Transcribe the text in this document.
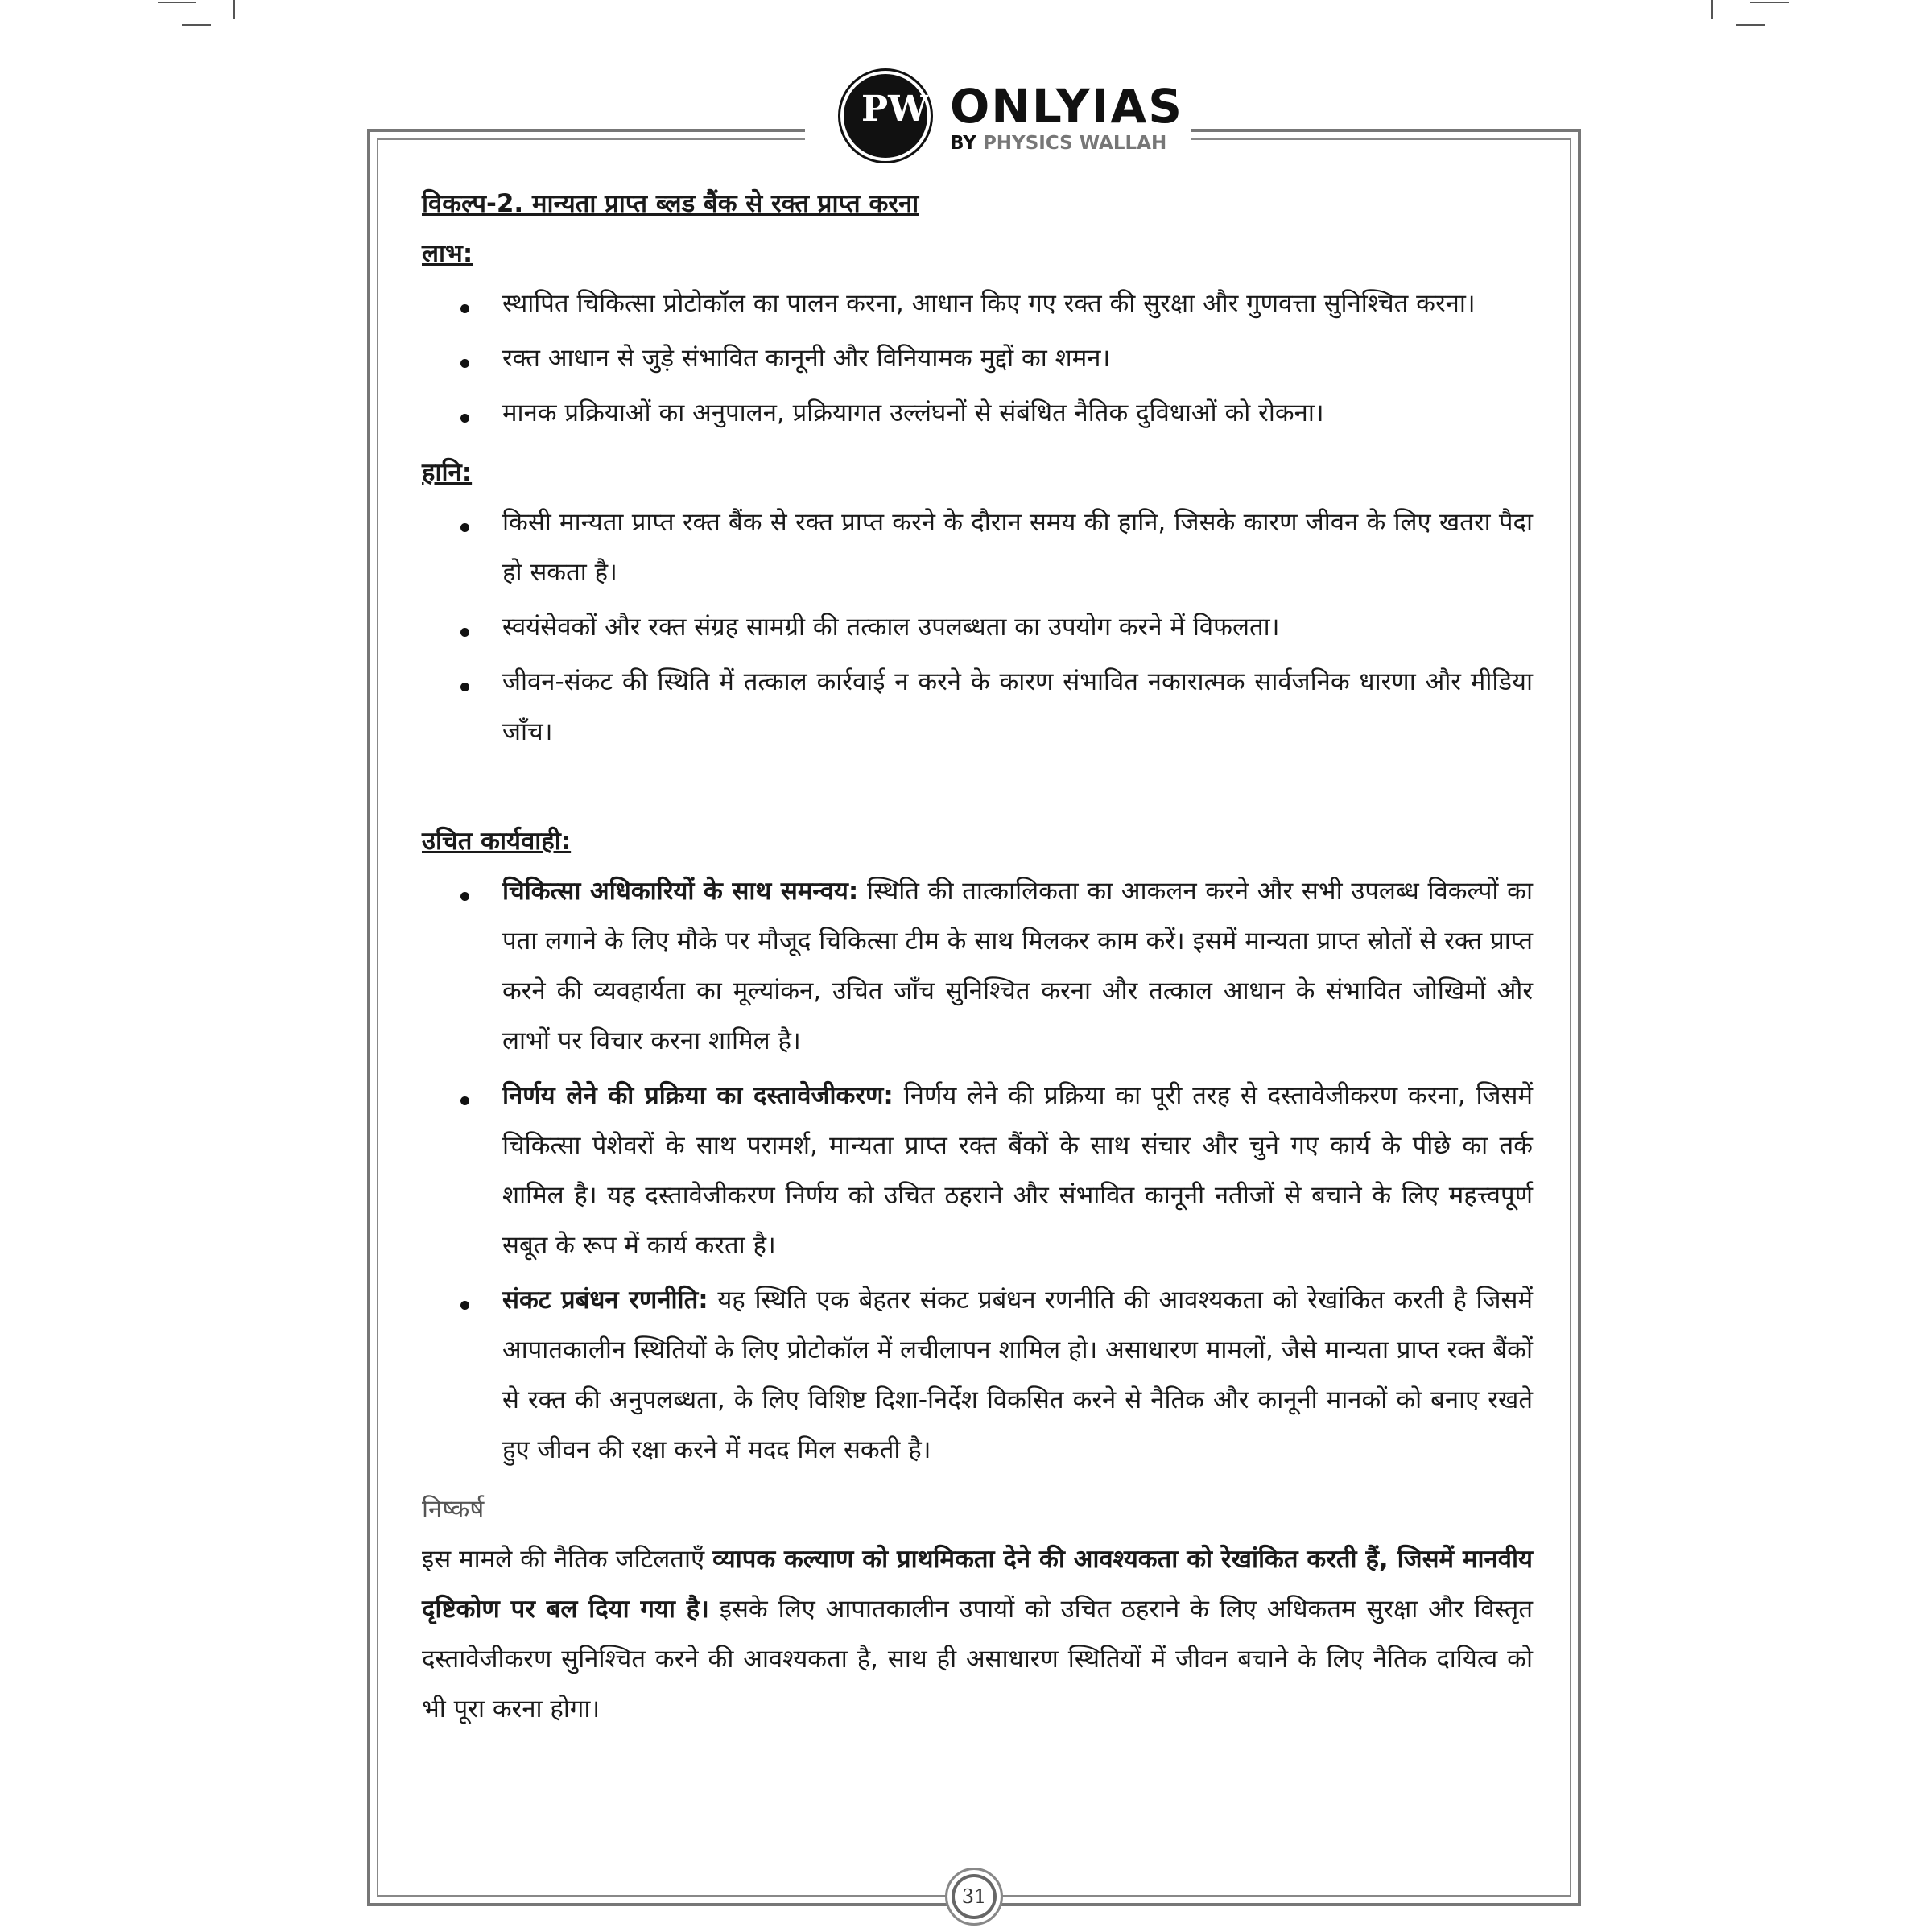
PW ONLYIAS
BY PHYSICS WALLAH

विकल्प-2. मान्यता प्राप्त ब्लड बैंक से रक्त प्राप्त करना

लाभ:

स्थापित चिकित्सा प्रोटोकॉल का पालन करना, आधान किए गए रक्त की सुरक्षा और गुणवत्ता सुनिश्चित करना।
रक्त आधान से जुड़े संभावित कानूनी और विनियामक मुद्दों का शमन।
मानक प्रक्रियाओं का अनुपालन, प्रक्रियागत उल्लंघनों से संबंधित नैतिक दुविधाओं को रोकना।

हानि:

किसी मान्यता प्राप्त रक्त बैंक से रक्त प्राप्त करने के दौरान समय की हानि, जिसके कारण जीवन के लिए खतरा पैदा हो सकता है।
स्वयंसेवकों और रक्त संग्रह सामग्री की तत्काल उपलब्धता का उपयोग करने में विफलता।
जीवन-संकट की स्थिति में तत्काल कार्रवाई न करने के कारण संभावित नकारात्मक सार्वजनिक धारणा और मीडिया जाँच।

उचित कार्यवाही:

चिकित्सा अधिकारियों के साथ समन्वय: स्थिति की तात्कालिकता का आकलन करने और सभी उपलब्ध विकल्पों का पता लगाने के लिए मौके पर मौजूद चिकित्सा टीम के साथ मिलकर काम करें। इसमें मान्यता प्राप्त स्रोतों से रक्त प्राप्त करने की व्यवहार्यता का मूल्यांकन, उचित जाँच सुनिश्चित करना और तत्काल आधान के संभावित जोखिमों और लाभों पर विचार करना शामिल है।
निर्णय लेने की प्रक्रिया का दस्तावेजीकरण: निर्णय लेने की प्रक्रिया का पूरी तरह से दस्तावेजीकरण करना, जिसमें चिकित्सा पेशेवरों के साथ परामर्श, मान्यता प्राप्त रक्त बैंकों के साथ संचार और चुने गए कार्य के पीछे का तर्क शामिल है। यह दस्तावेजीकरण निर्णय को उचित ठहराने और संभावित कानूनी नतीजों से बचाने के लिए महत्त्वपूर्ण सबूत के रूप में कार्य करता है।
संकट प्रबंधन रणनीति: यह स्थिति एक बेहतर संकट प्रबंधन रणनीति की आवश्यकता को रेखांकित करती है जिसमें आपातकालीन स्थितियों के लिए प्रोटोकॉल में लचीलापन शामिल हो। असाधारण मामलों, जैसे मान्यता प्राप्त रक्त बैंकों से रक्त की अनुपलब्धता, के लिए विशिष्ट दिशा-निर्देश विकसित करने से नैतिक और कानूनी मानकों को बनाए रखते हुए जीवन की रक्षा करने में मदद मिल सकती है।

निष्कर्ष

इस मामले की नैतिक जटिलताएँ व्यापक कल्याण को प्राथमिकता देने की आवश्यकता को रेखांकित करती हैं, जिसमें मानवीय दृष्टिकोण पर बल दिया गया है। इसके लिए आपातकालीन उपायों को उचित ठहराने के लिए अधिकतम सुरक्षा और विस्तृत दस्तावेजीकरण सुनिश्चित करने की आवश्यकता है, साथ ही असाधारण स्थितियों में जीवन बचाने के लिए नैतिक दायित्व को भी पूरा करना होगा।

31
